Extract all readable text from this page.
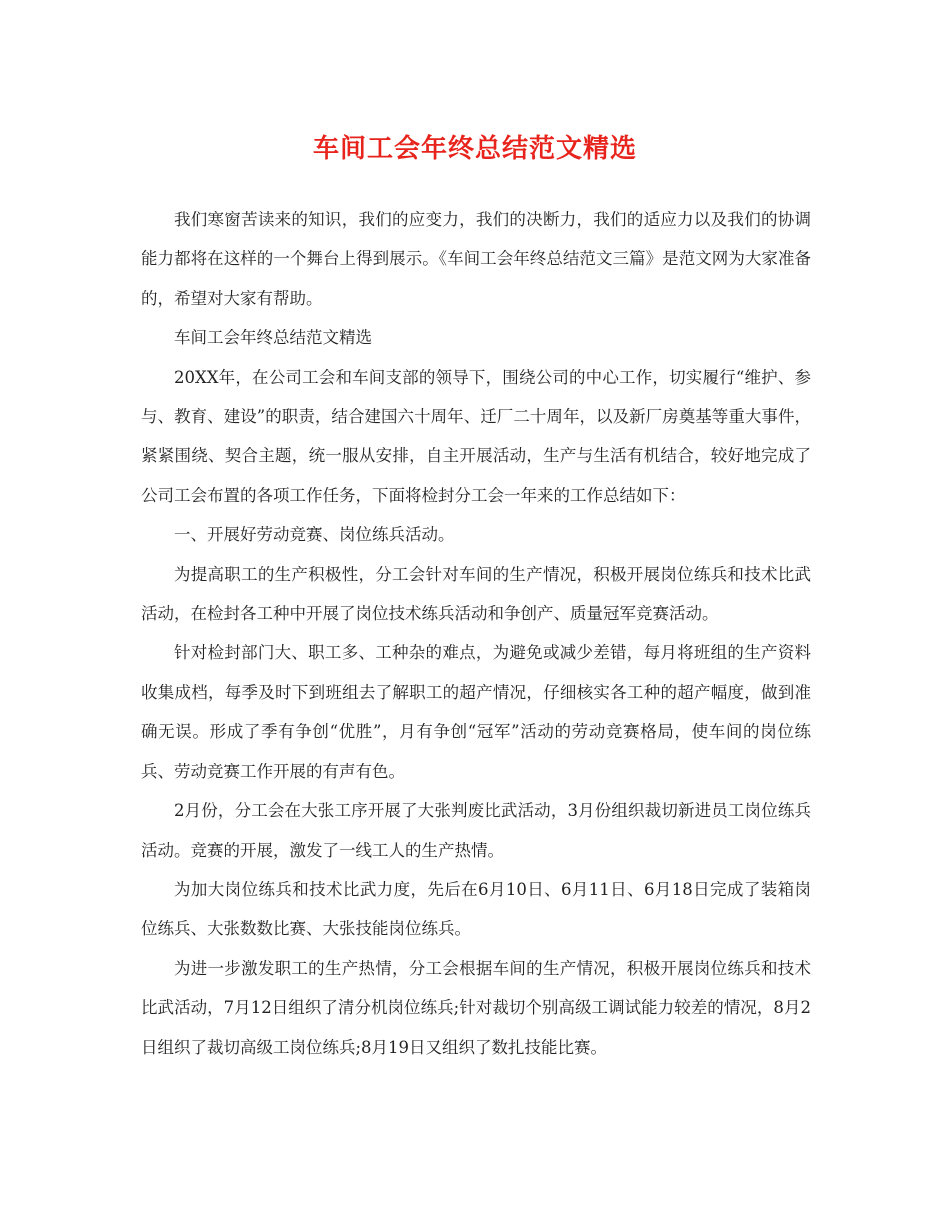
车间工会年终总结范文精选

我们寒窗苦读来的知识，我们的应变力，我们的决断力，我们的适应力以及我们的协调能力都将在这样的一个舞台上得到展示。《车间工会年终总结范文三篇》是范文网为大家准备的，希望对大家有帮助。

车间工会年终总结范文精选

20XX年，在公司工会和车间支部的领导下，围绕公司的中心工作，切实履行“维护、参与、教育、建设”的职责，结合建国六十周年、迁厂二十周年，以及新厂房奠基等重大事件，紧紧围绕、契合主题，统一服从安排，自主开展活动，生产与生活有机结合，较好地完成了公司工会布置的各项工作任务，下面将检封分工会一年来的工作总结如下：

一、开展好劳动竞赛、岗位练兵活动。

为提高职工的生产积极性，分工会针对车间的生产情况，积极开展岗位练兵和技术比武活动，在检封各工种中开展了岗位技术练兵活动和争创产、质量冠军竞赛活动。

针对检封部门大、职工多、工种杂的难点，为避免或减少差错，每月将班组的生产资料收集成档，每季及时下到班组去了解职工的超产情况，仔细核实各工种的超产幅度，做到准确无误。形成了季有争创“优胜”，月有争创“冠军”活动的劳动竞赛格局，使车间的岗位练兵、劳动竞赛工作开展的有声有色。

2月份，分工会在大张工序开展了大张判废比武活动，3月份组织裁切新进员工岗位练兵活动。竞赛的开展，激发了一线工人的生产热情。

为加大岗位练兵和技术比武力度，先后在6月10日、6月11日、6月18日完成了装箱岗位练兵、大张数数比赛、大张技能岗位练兵。

为进一步激发职工的生产热情，分工会根据车间的生产情况，积极开展岗位练兵和技术比武活动，7月12日组织了清分机岗位练兵;针对裁切个别高级工调试能力较差的情况，8月2日组织了裁切高级工岗位练兵;8月19日又组织了数扎技能比赛。
